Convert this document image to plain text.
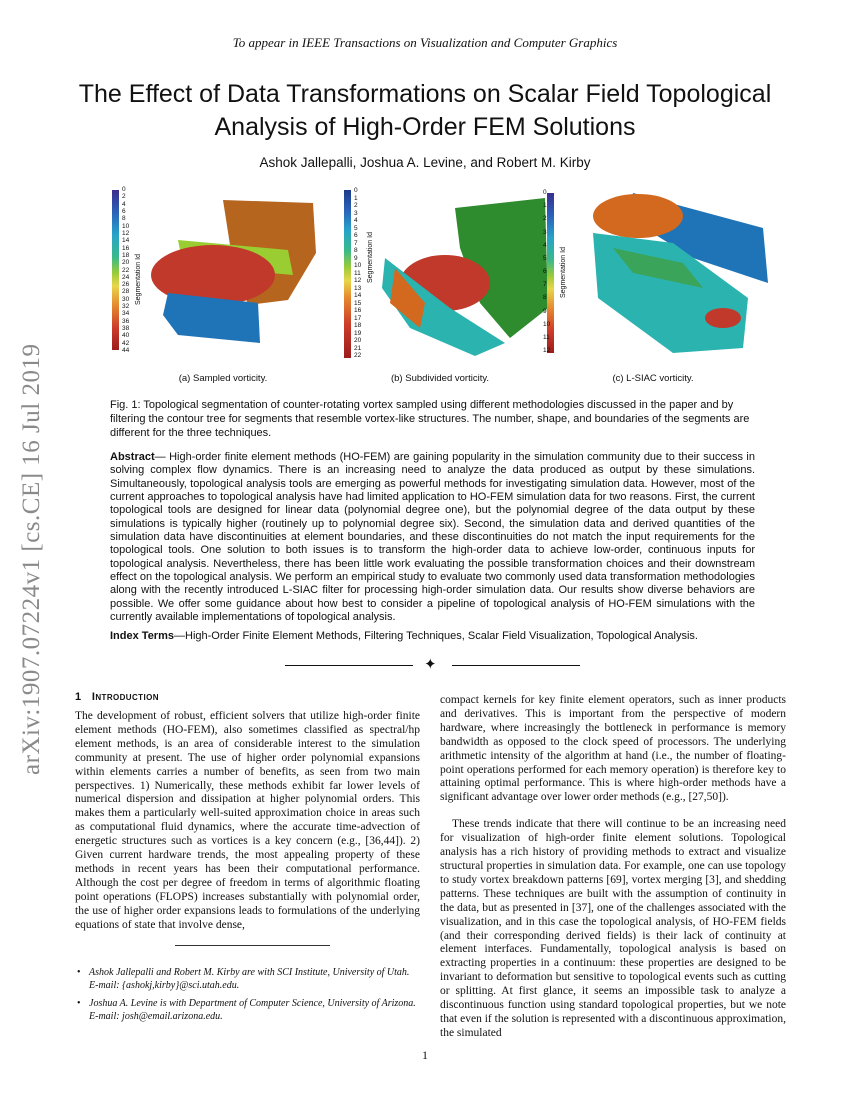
To appear in IEEE Transactions on Visualization and Computer Graphics
The Effect of Data Transformations on Scalar Field Topological
Analysis of High-Order FEM Solutions
Ashok Jallepalli, Joshua A. Levine, and Robert M. Kirby
arXiv:1907.07224v1 [cs.CE] 16 Jul 2019
0
2
4
6
8
10
12
14
16
18
20
22
24
26
28
30
32
34
36
38
40
42
44
Segmentation Id
(a) Sampled vorticity.
0
1
2
3
4
5
6
7
8
9
10
11
12
13
14
15
16
17
18
19
20
21
22
Segmentation Id
(b) Subdivided vorticity.
0
1
2
3
4
5
6
7
8
9
10
11
12
Segmentation Id
(c) L-SIAC vorticity.
Fig. 1: Topological segmentation of counter-rotating vortex sampled using different methodologies discussed in the paper and by filtering the contour tree for segments that resemble vortex-like structures. The number, shape, and boundaries of the segments are different for the three techniques.
Abstract— High-order finite element methods (HO-FEM) are gaining popularity in the simulation community due to their success in solving complex flow dynamics. There is an increasing need to analyze the data produced as output by these simulations. Simultaneously, topological analysis tools are emerging as powerful methods for investigating simulation data. However, most of the current approaches to topological analysis have had limited application to HO-FEM simulation data for two reasons. First, the current topological tools are designed for linear data (polynomial degree one), but the polynomial degree of the data output by these simulations is typically higher (routinely up to polynomial degree six). Second, the simulation data and derived quantities of the simulation data have discontinuities at element boundaries, and these discontinuities do not match the input requirements for the topological tools. One solution to both issues is to transform the high-order data to achieve low-order, continuous inputs for topological analysis. Nevertheless, there has been little work evaluating the possible transformation choices and their downstream effect on the topological analysis. We perform an empirical study to evaluate two commonly used data transformation methodologies along with the recently introduced L-SIAC filter for processing high-order simulation data. Our results show diverse behaviors are possible. We offer some guidance about how best to consider a pipeline of topological analysis of HO-FEM simulations with the currently available implementations of topological analysis.
Index Terms—High-Order Finite Element Methods, Filtering Techniques, Scalar Field Visualization, Topological Analysis.
✦
1 Introduction

The development of robust, efficient solvers that utilize high-order finite element methods (HO-FEM), also sometimes classified as spectral/hp element methods, is an area of considerable interest to the simulation community at present. The use of higher order polynomial expansions within elements carries a number of benefits, as seen from two main perspectives. 1) Numerically, these methods exhibit far lower levels of numerical dispersion and dissipation at higher polynomial orders. This makes them a particularly well-suited approximation choice in areas such as computational fluid dynamics, where the accurate time-advection of energetic structures such as vortices is a key concern (e.g., [36,44]). 2) Given current hardware trends, the most appealing property of these methods in recent years has been their computational performance. Although the cost per degree of freedom in terms of algorithmic floating point operations (FLOPS) increases substantially with polynomial order, the use of higher order expansions leads to formulations of the underlying equations of state that involve dense,

• Ashok Jallepalli and Robert M. Kirby are with SCI Institute, University of Utah. E-mail: {ashokj,kirby}@sci.utah.edu.
• Joshua A. Levine is with Department of Computer Science, University of Arizona. E-mail: josh@email.arizona.edu.

compact kernels for key finite element operators, such as inner products and derivatives. This is important from the perspective of modern hardware, where increasingly the bottleneck in performance is memory bandwidth as opposed to the clock speed of processors. The underlying arithmetic intensity of the algorithm at hand (i.e., the number of floating-point operations performed for each memory operation) is therefore key to attaining optimal performance. This is where high-order methods have a significant advantage over lower order methods (e.g., [27,50]).

These trends indicate that there will continue to be an increasing need for visualization of high-order finite element solutions. Topological analysis has a rich history of providing methods to extract and visualize structural properties in simulation data. For example, one can use topology to study vortex breakdown patterns [69], vortex merging [3], and shedding patterns. These techniques are built with the assumption of continuity in the data, but as presented in [37], one of the challenges associated with the visualization, and in this case the topological analysis, of HO-FEM fields (and their corresponding derived fields) is their lack of continuity at element interfaces. Fundamentally, topological analysis is based on extracting properties in a continuum: these properties are designed to be invariant to deformation but sensitive to topological events such as cutting or splitting. At first glance, it seems an impossible task to analyze a discontinuous function using standard topological properties, but we note that even if the solution is represented with a discontinuous approximation, the simulated

1
